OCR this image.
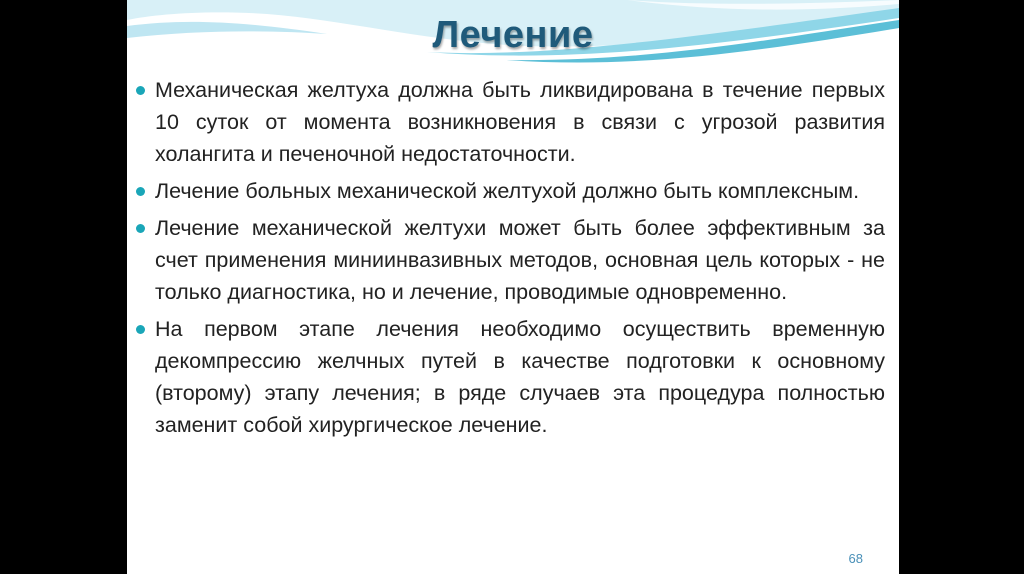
Лечение
Механическая желтуха должна быть ликвидирована в течение первых 10 суток от момента возникновения в связи с угрозой развития холангита и печеночной недостаточности.
Лечение больных механической желтухой должно быть комплексным.
Лечение механической желтухи может быть более эффективным за счет применения миниинвазивных методов, основная цель которых - не только диагностика, но и лечение, проводимые одновременно.
На первом этапе лечения необходимо осуществить временную декомпрессию желчных путей в качестве подготовки к основному (второму) этапу лечения; в ряде случаев эта процедура полностью заменит собой хирургическое лечение.
68
